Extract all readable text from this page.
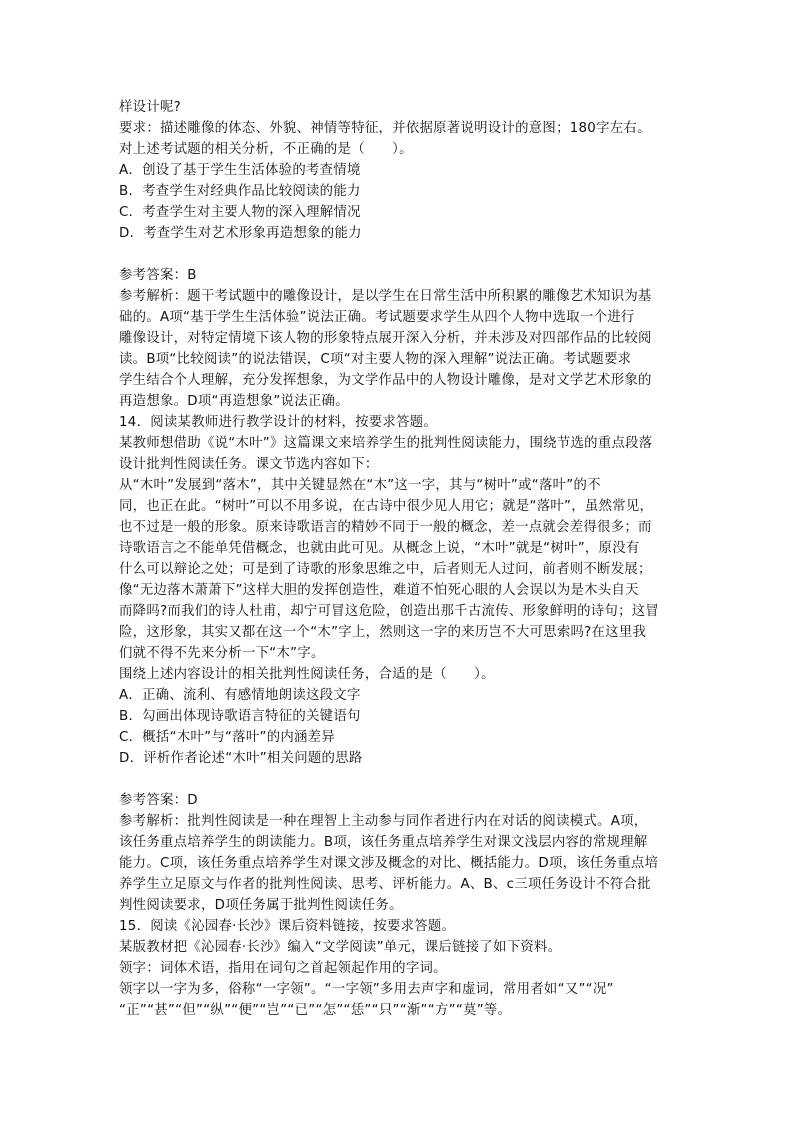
样设计呢?
要求：描述雕像的体态、外貌、神情等特征，并依据原著说明设计的意图；180字左右。
对上述考试题的相关分析，不正确的是（　　）。
A．创设了基于学生生活体验的考查情境
B．考查学生对经典作品比较阅读的能力
C．考查学生对主要人物的深入理解情况
D．考查学生对艺术形象再造想象的能力
参考答案：B
参考解析：题干考试题中的雕像设计，是以学生在日常生活中所积累的雕像艺术知识为基
础的。A项“基于学生生活体验”说法正确。考试题要求学生从四个人物中选取一个进行
雕像设计，对特定情境下该人物的形象特点展开深入分析，并未涉及对四部作品的比较阅
读。B项“比较阅读”的说法错误，C项“对主要人物的深入理解”说法正确。考试题要求
学生结合个人理解，充分发挥想象，为文学作品中的人物设计雕像，是对文学艺术形象的
再造想象。D项“再造想象”说法正确。
14．阅读某教师进行教学设计的材料，按要求答题。
某教师想借助《说“木叶”》这篇课文来培养学生的批判性阅读能力，围绕节选的重点段落
设计批判性阅读任务。课文节选内容如下：
从“木叶”发展到“落木”，其中关键显然在“木”这一字，其与“树叶”或“落叶”的不
同，也正在此。“树叶”可以不用多说，在古诗中很少见人用它；就是“落叶”，虽然常见，
也不过是一般的形象。原来诗歌语言的精妙不同于一般的概念，差一点就会差得很多；而
诗歌语言之不能单凭借概念，也就由此可见。从概念上说，“木叶”就是“树叶”，原没有
什么可以辩论之处；可是到了诗歌的形象思维之中，后者则无人过问，前者则不断发展；
像“无边落木萧萧下”这样大胆的发挥创造性，难道不怕死心眼的人会误以为是木头自天
而降吗?而我们的诗人杜甫，却宁可冒这危险，创造出那千古流传、形象鲜明的诗句；这冒
险，这形象，其实又都在这一个“木”字上，然则这一字的来历岂不大可思索吗?在这里我
们就不得不先来分析一下“木”字。
围绕上述内容设计的相关批判性阅读任务，合适的是（　　）。
A．正确、流利、有感情地朗读这段文字
B．勾画出体现诗歌语言特征的关键语句
C．概括“木叶”与“落叶”的内涵差异
D．评析作者论述“木叶”相关问题的思路
参考答案：D
参考解析：批判性阅读是一种在理智上主动参与同作者进行内在对话的阅读模式。A项，
该任务重点培养学生的朗读能力。B项，该任务重点培养学生对课文浅层内容的常规理解
能力。C项，该任务重点培养学生对课文涉及概念的对比、概括能力。D项，该任务重点培
养学生立足原文与作者的批判性阅读、思考、评析能力。A、B、c三项任务设计不符合批
判性阅读要求，D项任务属于批判性阅读任务。
15．阅读《沁园春·长沙》课后资料链接，按要求答题。
某版教材把《沁园春·长沙》编入“文学阅读”单元，课后链接了如下资料。
领字：词体术语，指用在词句之首起领起作用的字词。
领字以一字为多，俗称“一字领”。“一字领”多用去声字和虚词，常用者如“又”“况”
“正”“甚”“但”“纵”“便”“岂”“已”“怎”“恁”“只”“渐”“方”“莫”等。
